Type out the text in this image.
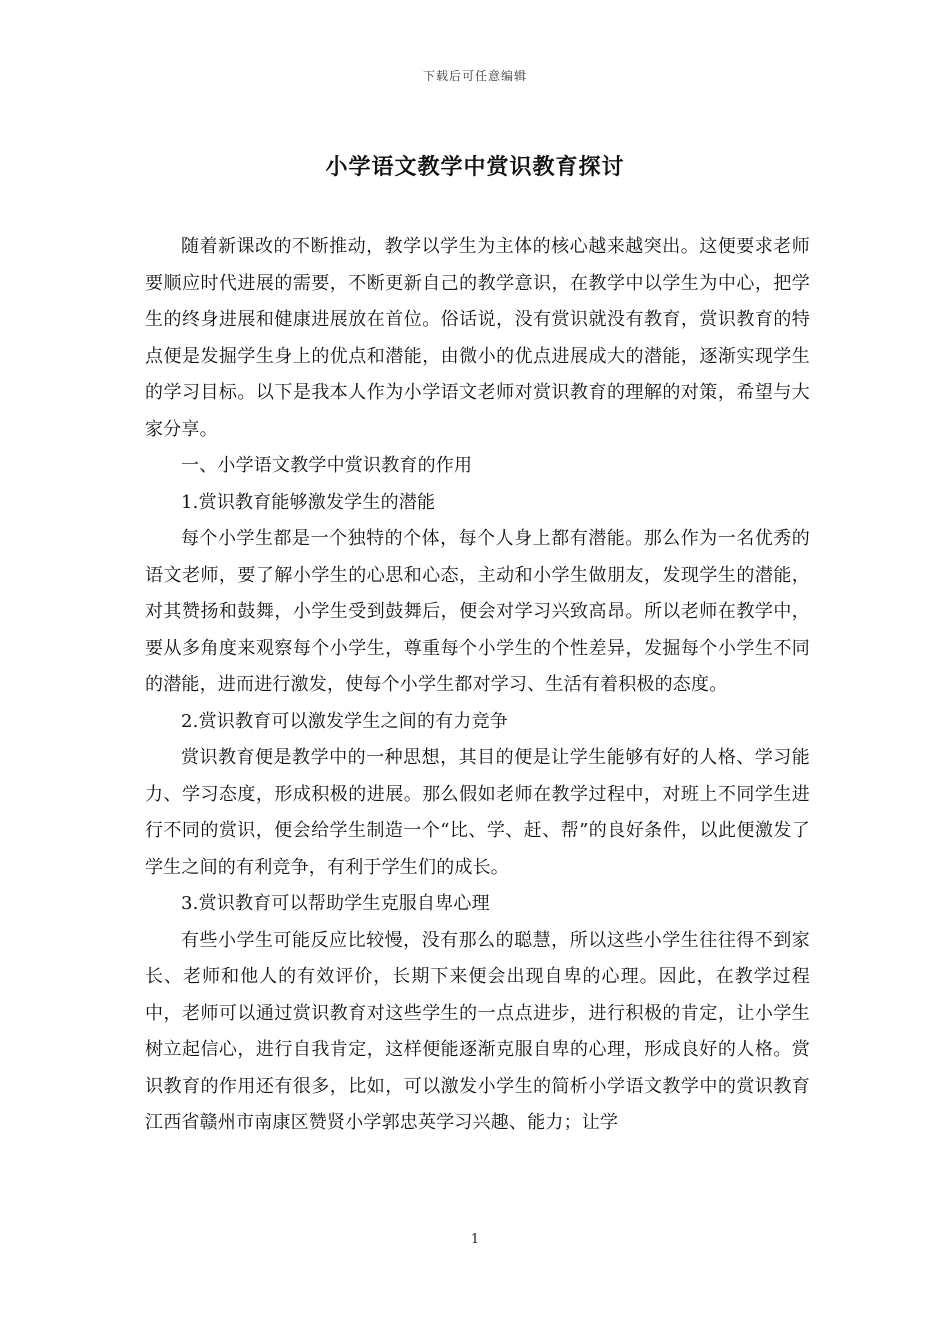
下载后可任意编辑
小学语文教学中赏识教育探讨

随着新课改的不断推动，教学以学生为主体的核心越来越突出。这便要求老师要顺应时代进展的需要，不断更新自己的教学意识，在教学中以学生为中心，把学生的终身进展和健康进展放在首位。俗话说，没有赏识就没有教育，赏识教育的特点便是发掘学生身上的优点和潜能，由微小的优点进展成大的潜能，逐渐实现学生的学习目标。以下是我本人作为小学语文老师对赏识教育的理解的对策，希望与大家分享。

一、小学语文教学中赏识教育的作用

1.赏识教育能够激发学生的潜能

每个小学生都是一个独特的个体，每个人身上都有潜能。那么作为一名优秀的语文老师，要了解小学生的心思和心态，主动和小学生做朋友，发现学生的潜能，对其赞扬和鼓舞，小学生受到鼓舞后，便会对学习兴致高昂。所以老师在教学中，要从多角度来观察每个小学生，尊重每个小学生的个性差异，发掘每个小学生不同的潜能，进而进行激发，使每个小学生都对学习、生活有着积极的态度。

2.赏识教育可以激发学生之间的有力竞争

赏识教育便是教学中的一种思想，其目的便是让学生能够有好的人格、学习能力、学习态度，形成积极的进展。那么假如老师在教学过程中，对班上不同学生进行不同的赏识，便会给学生制造一个“比、学、赶、帮”的良好条件，以此便激发了学生之间的有利竞争，有利于学生们的成长。

3.赏识教育可以帮助学生克服自卑心理

有些小学生可能反应比较慢，没有那么的聪慧，所以这些小学生往往得不到家长、老师和他人的有效评价，长期下来便会出现自卑的心理。因此，在教学过程中，老师可以通过赏识教育对这些学生的一点点进步，进行积极的肯定，让小学生树立起信心，进行自我肯定，这样便能逐渐克服自卑的心理，形成良好的人格。赏识教育的作用还有很多，比如，可以激发小学生的简析小学语文教学中的赏识教育江西省赣州市南康区赞贤小学郭忠英学习兴趣、能力；让学

1
